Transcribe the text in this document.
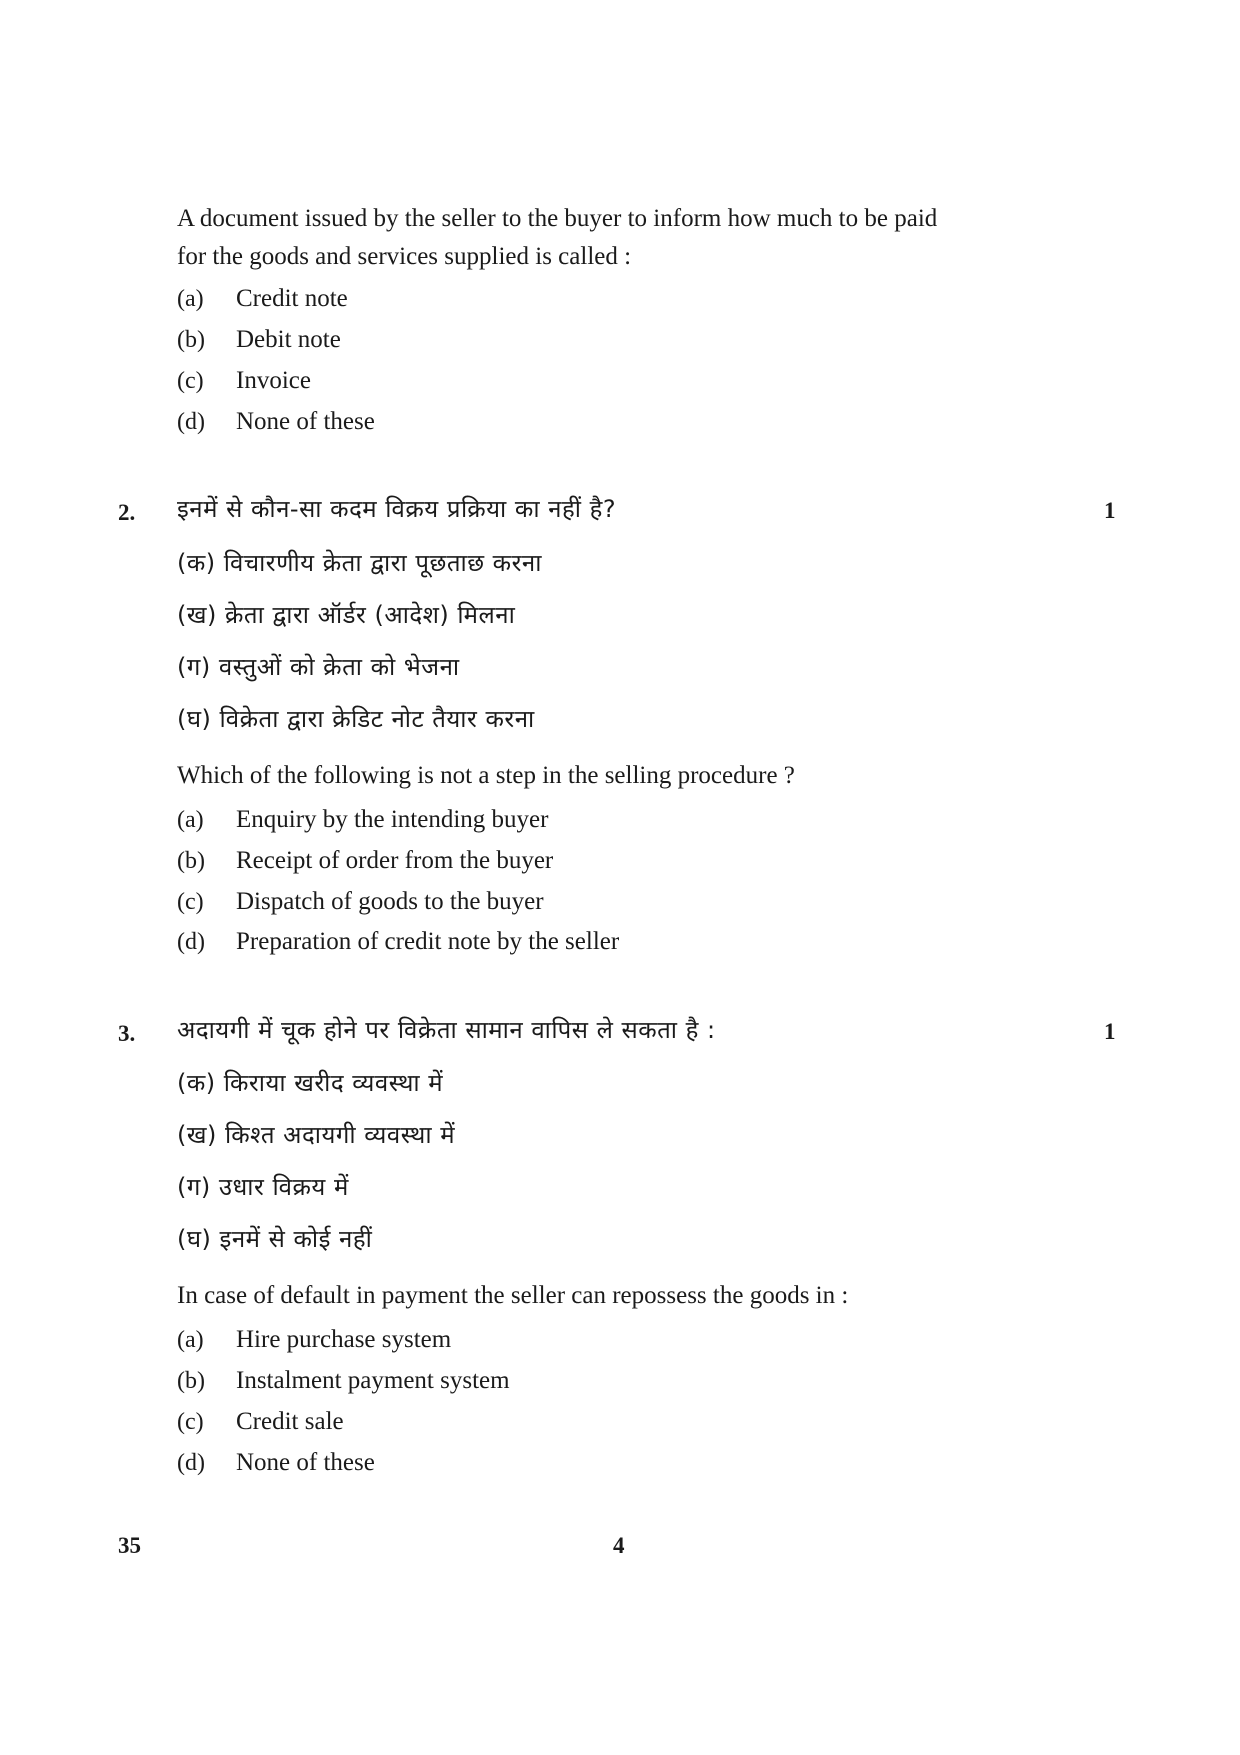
A document issued by the seller to the buyer to inform how much to be paid
for the goods and services supplied is called :
(a) Credit note
(b) Debit note
(c) Invoice
(d) None of these
2. इनमें से कौन-सा कदम विक्रय प्रक्रिया का नहीं है?	1
(क) विचारणीय क्रेता द्वारा पूछताछ करना
(ख) क्रेता द्वारा ऑर्डर (आदेश) मिलना
(ग) वस्तुओं को क्रेता को भेजना
(घ) विक्रेता द्वारा क्रेडिट नोट तैयार करना
Which of the following is not a step in the selling procedure ?
(a) Enquiry by the intending buyer
(b) Receipt of order from the buyer
(c) Dispatch of goods to the buyer
(d) Preparation of credit note by the seller
3. अदायगी में चूक होने पर विक्रेता सामान वापिस ले सकता है :	1
(क) किराया खरीद व्यवस्था में
(ख) किश्त अदायगी व्यवस्था में
(ग) उधार विक्रय में
(घ) इनमें से कोई नहीं
In case of default in payment the seller can repossess the goods in :
(a) Hire purchase system
(b) Instalment payment system
(c) Credit sale
(d) None of these
35	4
